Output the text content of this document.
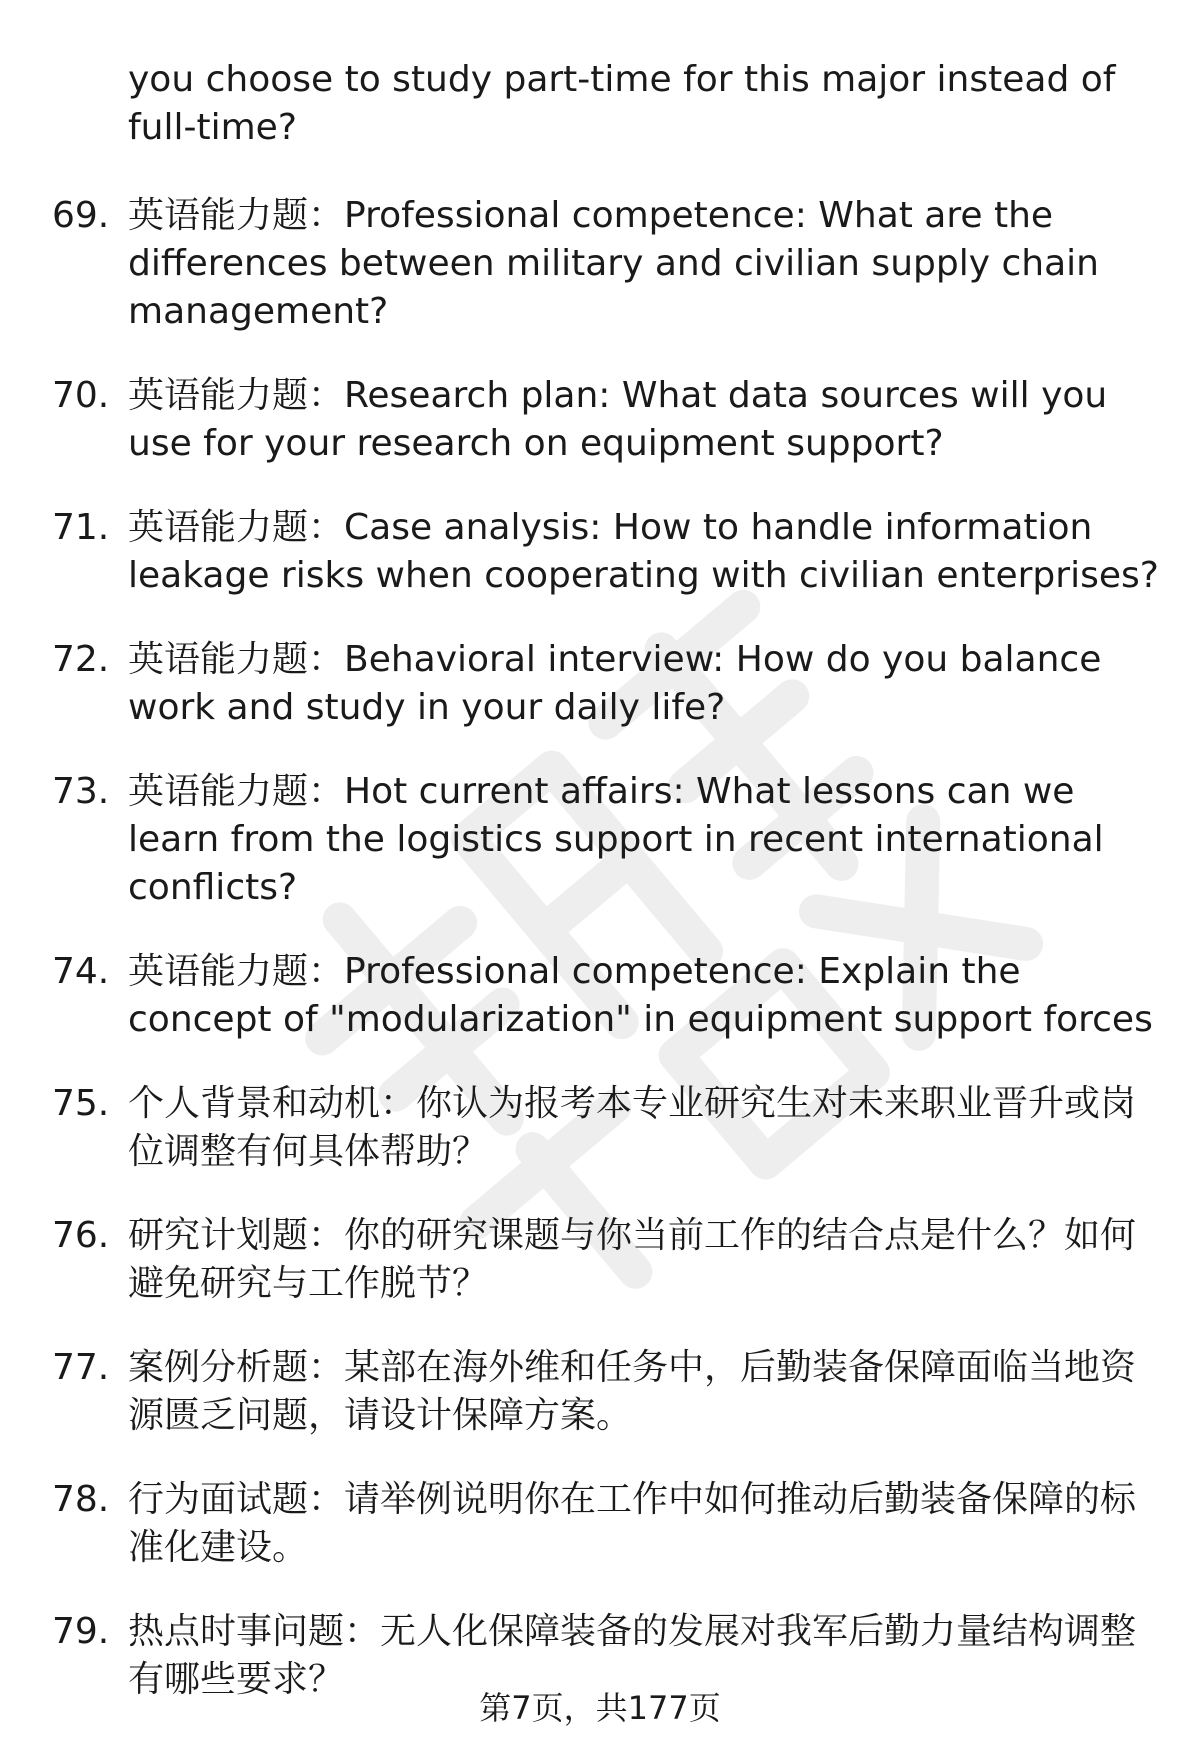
you choose to study part-time for this major instead of full-time?
69. 英语能力题：Professional competence: What are the differences between military and civilian supply chain management?
70. 英语能力题：Research plan: What data sources will you use for your research on equipment support?
71. 英语能力题：Case analysis: How to handle information leakage risks when cooperating with civilian enterprises?
72. 英语能力题：Behavioral interview: How do you balance work and study in your daily life?
73. 英语能力题：Hot current affairs: What lessons can we learn from the logistics support in recent international conflicts?
74. 英语能力题：Professional competence: Explain the concept of "modularization" in equipment support forces
75. 个人背景和动机：你认为报考本专业研究生对未来职业晋升或岗位调整有何具体帮助？
76. 研究计划题：你的研究课题与你当前工作的结合点是什么？如何避免研究与工作脱节？
77. 案例分析题：某部在海外维和任务中，后勤装备保障面临当地资源匮乏问题，请设计保障方案。
78. 行为面试题：请举例说明你在工作中如何推动后勤装备保障的标准化建设。
79. 热点时事问题：无人化保障装备的发展对我军后勤力量结构调整有哪些要求？
第7页，共177页
